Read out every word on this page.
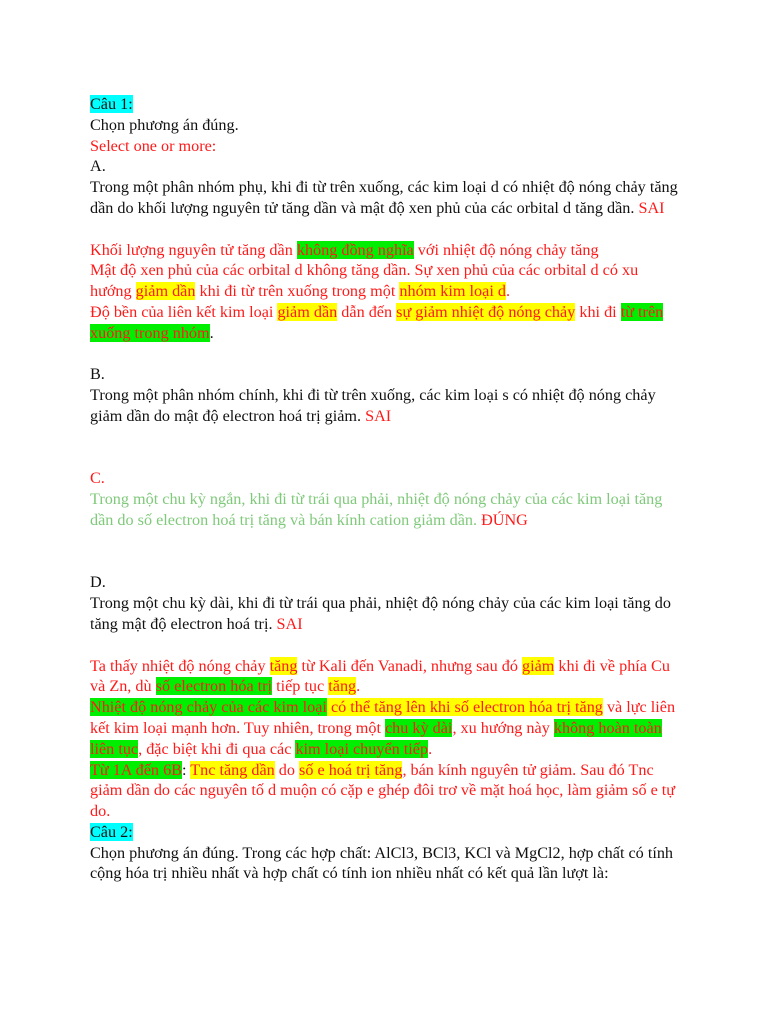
Câu 1:
Chọn phương án đúng.
Select one or more:
A.
Trong một phân nhóm phụ, khi đi từ trên xuống, các kim loại d có nhiệt độ nóng chảy tăng dần do khối lượng nguyên tử tăng dần và mật độ xen phủ của các orbital d tăng dần. SAI
Khối lượng nguyên tử tăng dần không đồng nghĩa với nhiệt độ nóng chảy tăng
Mật độ xen phủ của các orbital d không tăng dần. Sự xen phủ của các orbital d có xu hướng giảm dần khi đi từ trên xuống trong một nhóm kim loại d.
Độ bền của liên kết kim loại giảm dần dẫn đến sự giảm nhiệt độ nóng chảy khi đi từ trên xuống trong nhóm.
B.
Trong một phân nhóm chính, khi đi từ trên xuống, các kim loại s có nhiệt độ nóng chảy giảm dần do mật độ electron hoá trị giảm. SAI
C.
Trong một chu kỳ ngắn, khi đi từ trái qua phải, nhiệt độ nóng chảy của các kim loại tăng dần do số electron hoá trị tăng và bán kính cation giảm dần. ĐÚNG
D.
Trong một chu kỳ dài, khi đi từ trái qua phải, nhiệt độ nóng chảy của các kim loại tăng do tăng mật độ electron hoá trị. SAI
Ta thấy nhiệt độ nóng chảy tăng từ Kali đến Vanadi, nhưng sau đó giảm khi đi về phía Cu và Zn, dù số electron hóa trị tiếp tục tăng.
Nhiệt độ nóng chảy của các kim loại có thể tăng lên khi số electron hóa trị tăng và lực liên kết kim loại mạnh hơn. Tuy nhiên, trong một chu kỳ dài, xu hướng này không hoàn toàn liên tục, đặc biệt khi đi qua các kim loại chuyển tiếp.
Từ 1A đến 6B: Tnc tăng dần do số e hoá trị tăng, bán kính nguyên tử giảm. Sau đó Tnc giảm dần do các nguyên tố d muộn có cặp e ghép đôi trơ về mặt hoá học, làm giảm số e tự do.
Câu 2:
Chọn phương án đúng. Trong các hợp chất: AlCl3, BCl3, KCl và MgCl2, hợp chất có tính cộng hóa trị nhiều nhất và hợp chất có tính ion nhiều nhất có kết quả lần lượt là:
